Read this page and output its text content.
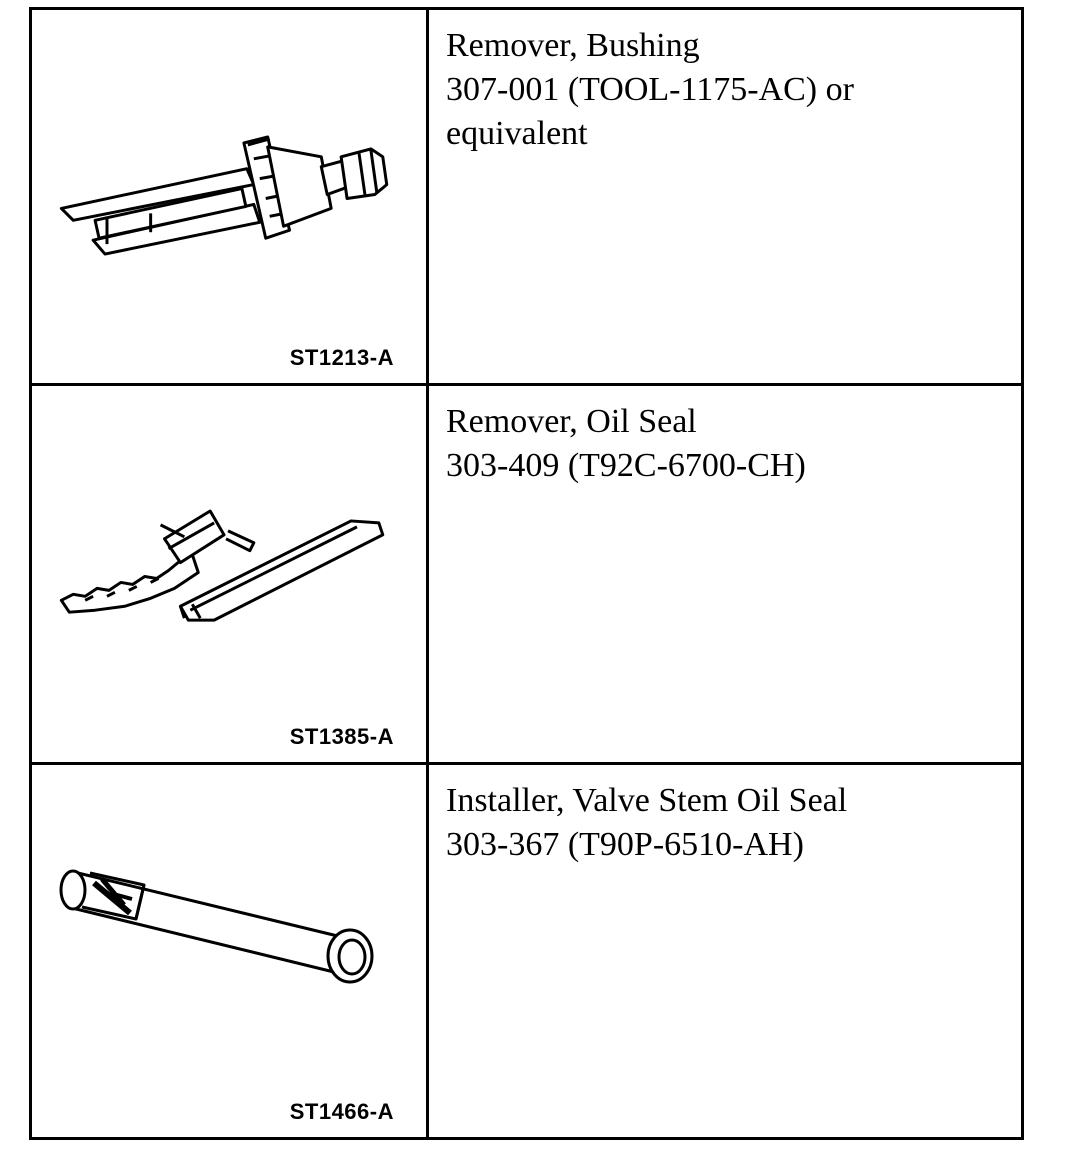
ST1213-A
Remover, Bushing
307-001 (TOOL-1175-AC) or
equivalent
ST1385-A
Remover, Oil Seal
303-409 (T92C-6700-CH)
ST1466-A
Installer, Valve Stem Oil Seal
303-367 (T90P-6510-AH)
